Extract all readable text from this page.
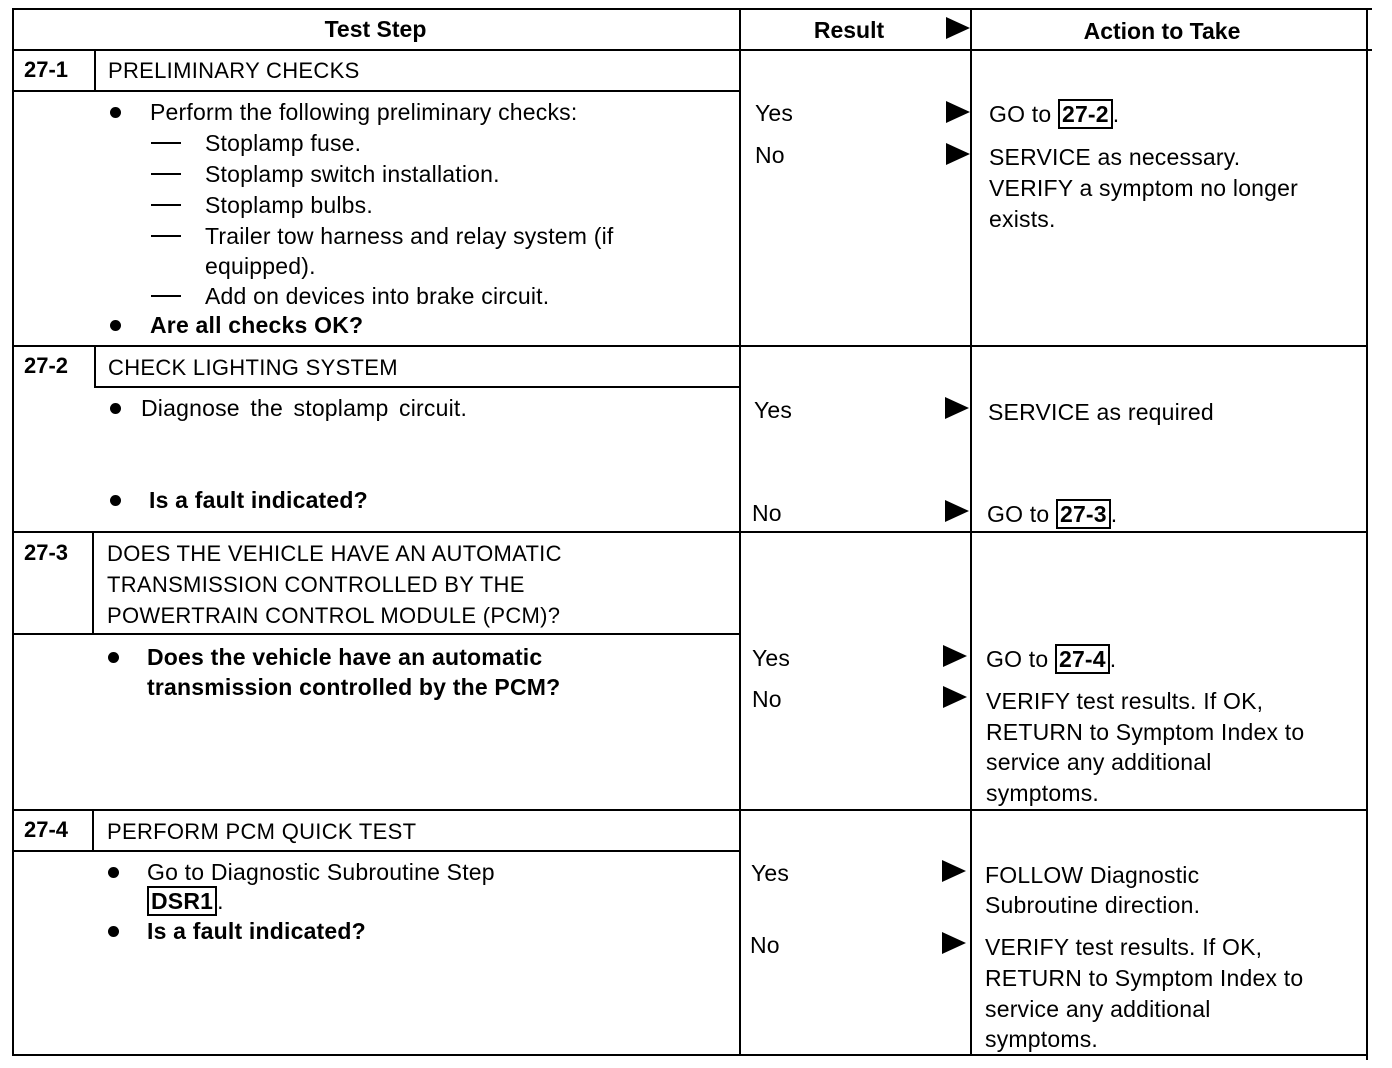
Test Step	Result	Action to Take
27-1 PRELIMINARY CHECKS
Perform the following preliminary checks:
Stoplamp fuse.
Stoplamp switch installation.
Stoplamp bulbs.
Trailer tow harness and relay system (if
equipped).
Add on devices into brake circuit.
Are all checks OK?
Yes
No
GO to 27-2 .
SERVICE as necessary.
VERIFY a symptom no longer
exists.
27-2 CHECK LIGHTING SYSTEM
Diagnose the stoplamp circuit.
Is a fault indicated?
Yes
No
SERVICE as required
GO to 27-3 .
27-3 DOES THE VEHICLE HAVE AN AUTOMATIC
TRANSMISSION CONTROLLED BY THE
POWERTRAIN CONTROL MODULE (PCM)?
Does the vehicle have an automatic
transmission controlled by the PCM?
Yes
No
GO to 27-4 .
VERIFY test results. If OK,
RETURN to Symptom Index to
service any additional
symptoms.
27-4 PERFORM PCM QUICK TEST
Go to Diagnostic Subroutine Step
DSR1 .
Is a fault indicated?
Yes
No
FOLLOW Diagnostic
Subroutine direction.
VERIFY test results. If OK,
RETURN to Symptom Index to
service any additional
symptoms.
